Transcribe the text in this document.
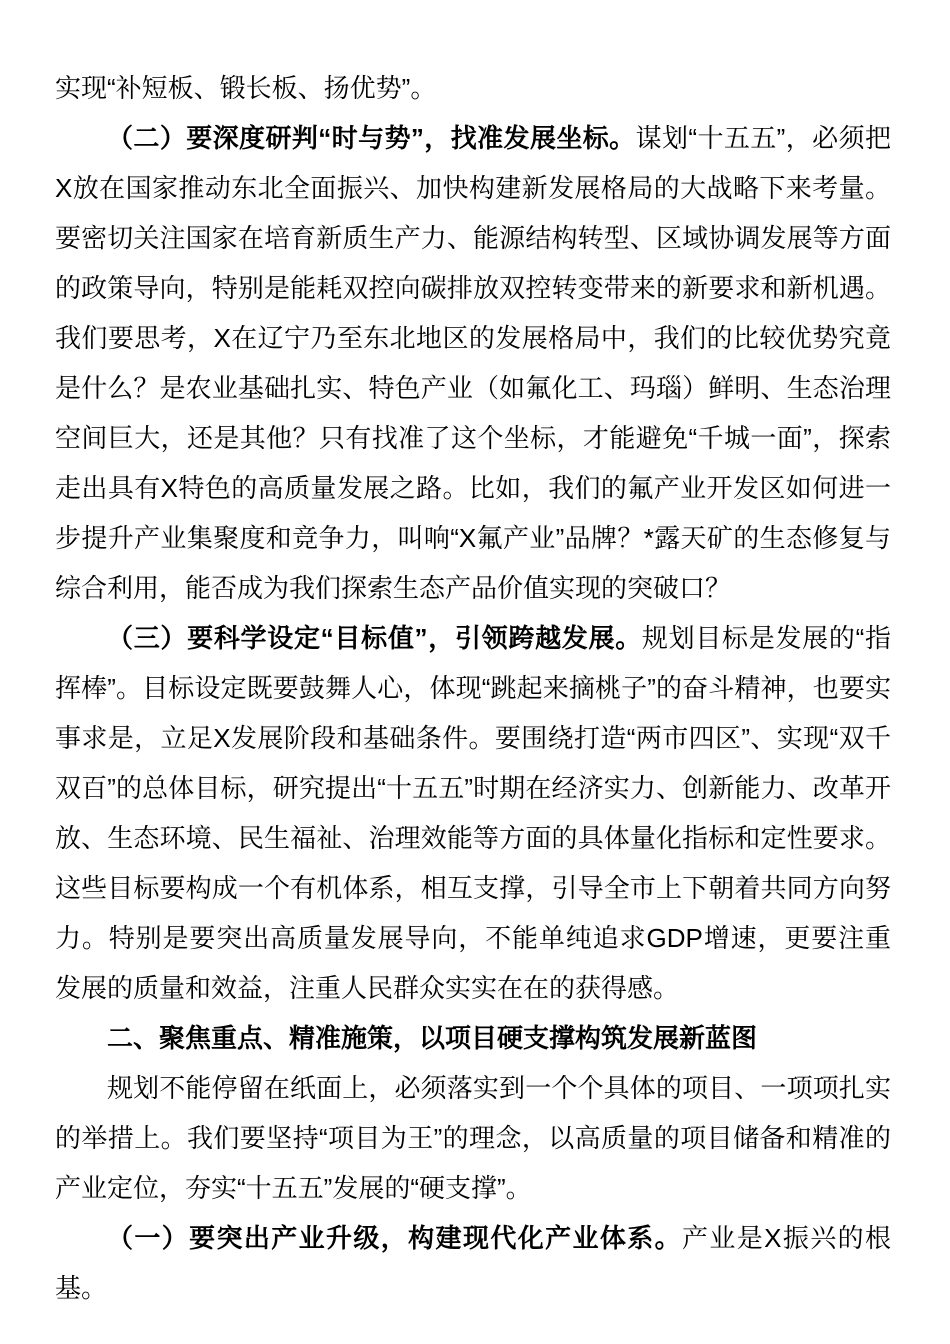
实现“补短板、锻长板、扬优势”。

（二）要深度研判“时与势”，找准发展坐标。谋划“十五五”，必须把X放在国家推动东北全面振兴、加快构建新发展格局的大战略下来考量。要密切关注国家在培育新质生产力、能源结构转型、区域协调发展等方面的政策导向，特别是能耗双控向碳排放双控转变带来的新要求和新机遇。我们要思考，X在辽宁乃至东北地区的发展格局中，我们的比较优势究竟是什么？是农业基础扎实、特色产业（如氟化工、玛瑙）鲜明、生态治理空间巨大，还是其他？只有找准了这个坐标，才能避免“千城一面”，探索走出具有X特色的高质量发展之路。比如，我们的氟产业开发区如何进一步提升产业集聚度和竞争力，叫响“X氟产业”品牌？*露天矿的生态修复与综合利用，能否成为我们探索生态产品价值实现的突破口？

（三）要科学设定“目标值”，引领跨越发展。规划目标是发展的“指挥棒”。目标设定既要鼓舞人心，体现“跳起来摘桃子”的奋斗精神，也要实事求是，立足X发展阶段和基础条件。要围绕打造“两市四区”、实现“双千双百”的总体目标，研究提出“十五五”时期在经济实力、创新能力、改革开放、生态环境、民生福祉、治理效能等方面的具体量化指标和定性要求。这些目标要构成一个有机体系，相互支撑，引导全市上下朝着共同方向努力。特别是要突出高质量发展导向，不能单纯追求GDP增速，更要注重发展的质量和效益，注重人民群众实实在在的获得感。

二、聚焦重点、精准施策，以项目硬支撑构筑发展新蓝图

规划不能停留在纸面上，必须落实到一个个具体的项目、一项项扎实的举措上。我们要坚持“项目为王”的理念，以高质量的项目储备和精准的产业定位，夯实“十五五”发展的“硬支撑”。

（一）要突出产业升级，构建现代化产业体系。产业是X振兴的根基。
